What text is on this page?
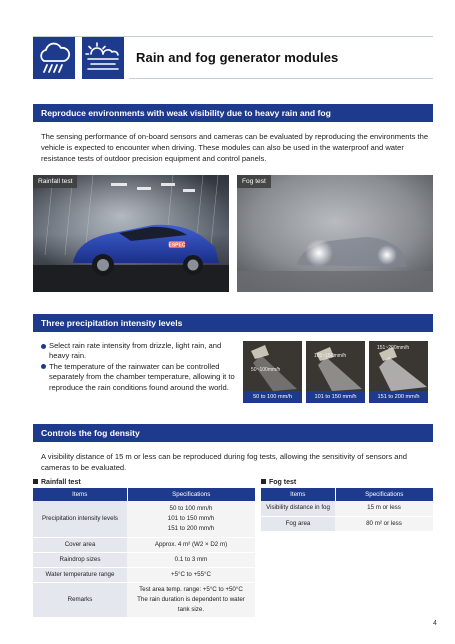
Rain and fog generator modules
Reproduce environments with weak visibility due to heavy rain and fog
The sensing performance of on-board sensors and cameras can be evaluated by reproducing the environments the vehicle is expected to encounter when driving. These modules can also be used in the waterproof and water resistance tests of outdoor precision equipment and control panels.
ESPEC
Rainfall test	Fog test
Three precipitation intensity levels
Select rain rate intensity from drizzle, light rain, and heavy rain.
The temperature of the rainwater can be controlled separately from the chamber temperature, allowing it to reproduce the rain conditions found around the world.
50~100mm/h
50 to 100 mm/h
101~150mm/h
101 to 150 mm/h
151~200mm/h
151 to 200 mm/h
Controls the fog density
A visibility distance of 15 m or less can be reproduced during fog tests, allowing the sensitivity of sensors and cameras to be evaluated.
Rainfall test
Items	Specifications
Precipitation intensity levels	50 to 100 mm/h
101 to 150 mm/h
151 to 200 mm/h

Cover area	Approx. 4 m² (W2 × D2 m)
Raindrop sizes	0.1 to 3 mm
Water temperature range	+5°C to +55°C
Remarks	Test area temp. range: +5°C to +50°C
The rain duration is dependent to water tank size.
Fog test
Items	Specifications
Visibility distance in fog	15 m or less
Fog area	80 m² or less
4
